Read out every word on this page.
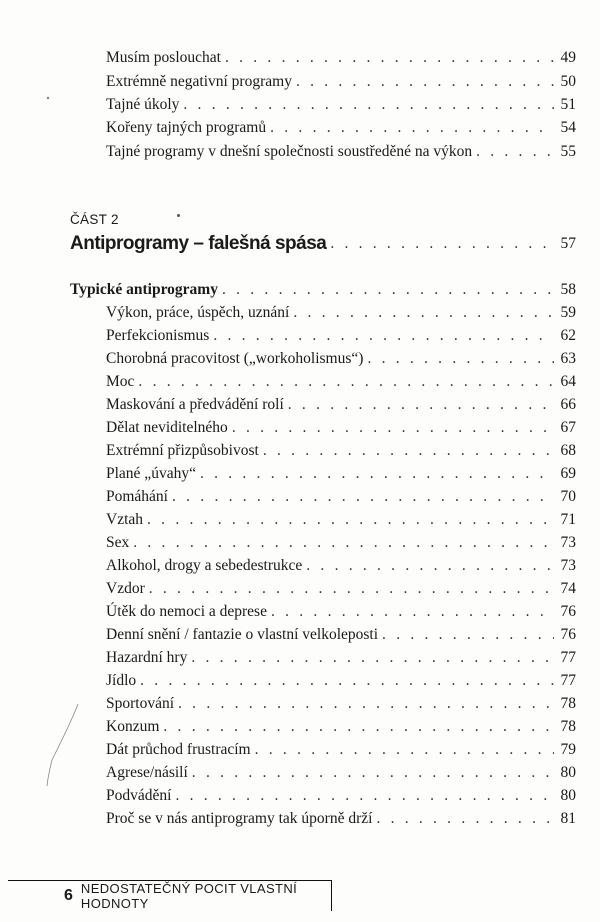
Musím poslouchat . . .	49
Extrémně negativní programy . . .	50
Tajné úkoly . . .	51
Kořeny tajných programů . . .	54
Tajné programy v dnešní společnosti soustředěné na výkon . . .	55
ČÁST 2
Antiprogramy – falešná spása . . .	57
Typické antiprogramy . . .	58
Výkon, práce, úspěch, uznání . . .	59
Perfekcionismus . . .	62
Chorobná pracovitost („workoholismus“) . . .	63
Moc . . .	64
Maskování a předvádění rolí . . .	66
Dělat neviditelného . . .	67
Extrémní přizpůsobivost . . .	68
Plané „úvahy“ . . .	69
Pomáhání . . .	70
Vztah . . .	71
Sex . . .	73
Alkohol, drogy a sebedestrukce . . .	73
Vzdor . . .	74
Útěk do nemoci a deprese . . .	76
Denní snění / fantazie o vlastní velkoleposti . . .	76
Hazardní hry . . .	77
Jídlo . . .	77
Sportování . . .	78
Konzum . . .	78
Dát průchod frustracím . . .	79
Agrese/násilí . . .	80
Podvádění . . .	80
Proč se v nás antiprogramy tak úporně drží . . .	81
6 NEDOSTATEČNÝ POCIT VLASTNÍ HODNOTY
